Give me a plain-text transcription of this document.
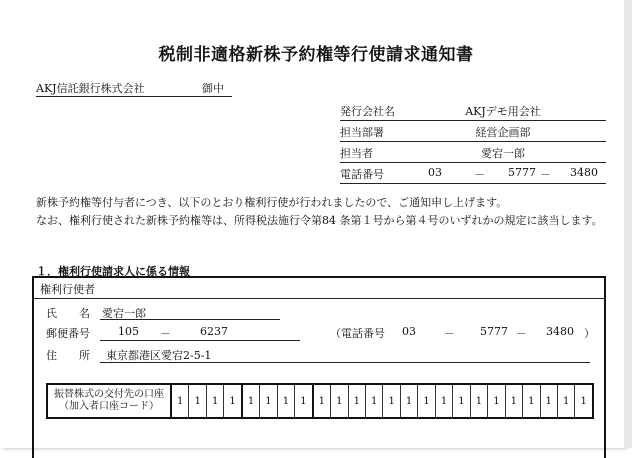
税制非適格新株予約権等行使請求通知書
AKJ信託銀行株式会社	御中
発行会社名	AKJデモ用会社
担当部署	経営企画部
担当者	愛宕一郎
電話番号	03	－ 5777 － 3480
新株予約権等付与者につき、以下のとおり権利行使が行われましたので、ご通知申し上げます。
なお、権利行使された新株予約権等は、所得税法施行令第84 条第１号から第４号のいずれかの規定に該当します。
１．権利行使請求人に係る情報
権利行使者
氏　　名 愛宕一郎
郵便番号	105 －	6237	（電話番号 03	－ 5777 － 3480 ）
住　　所 東京都港区愛宕2-5-1
振替株式の交付先の口座
（加入者口座コード）	1	1	1	1	1	1	1	1	1	1	1	1	1	1	1	1	1	1	1	1	1	1	1	1
